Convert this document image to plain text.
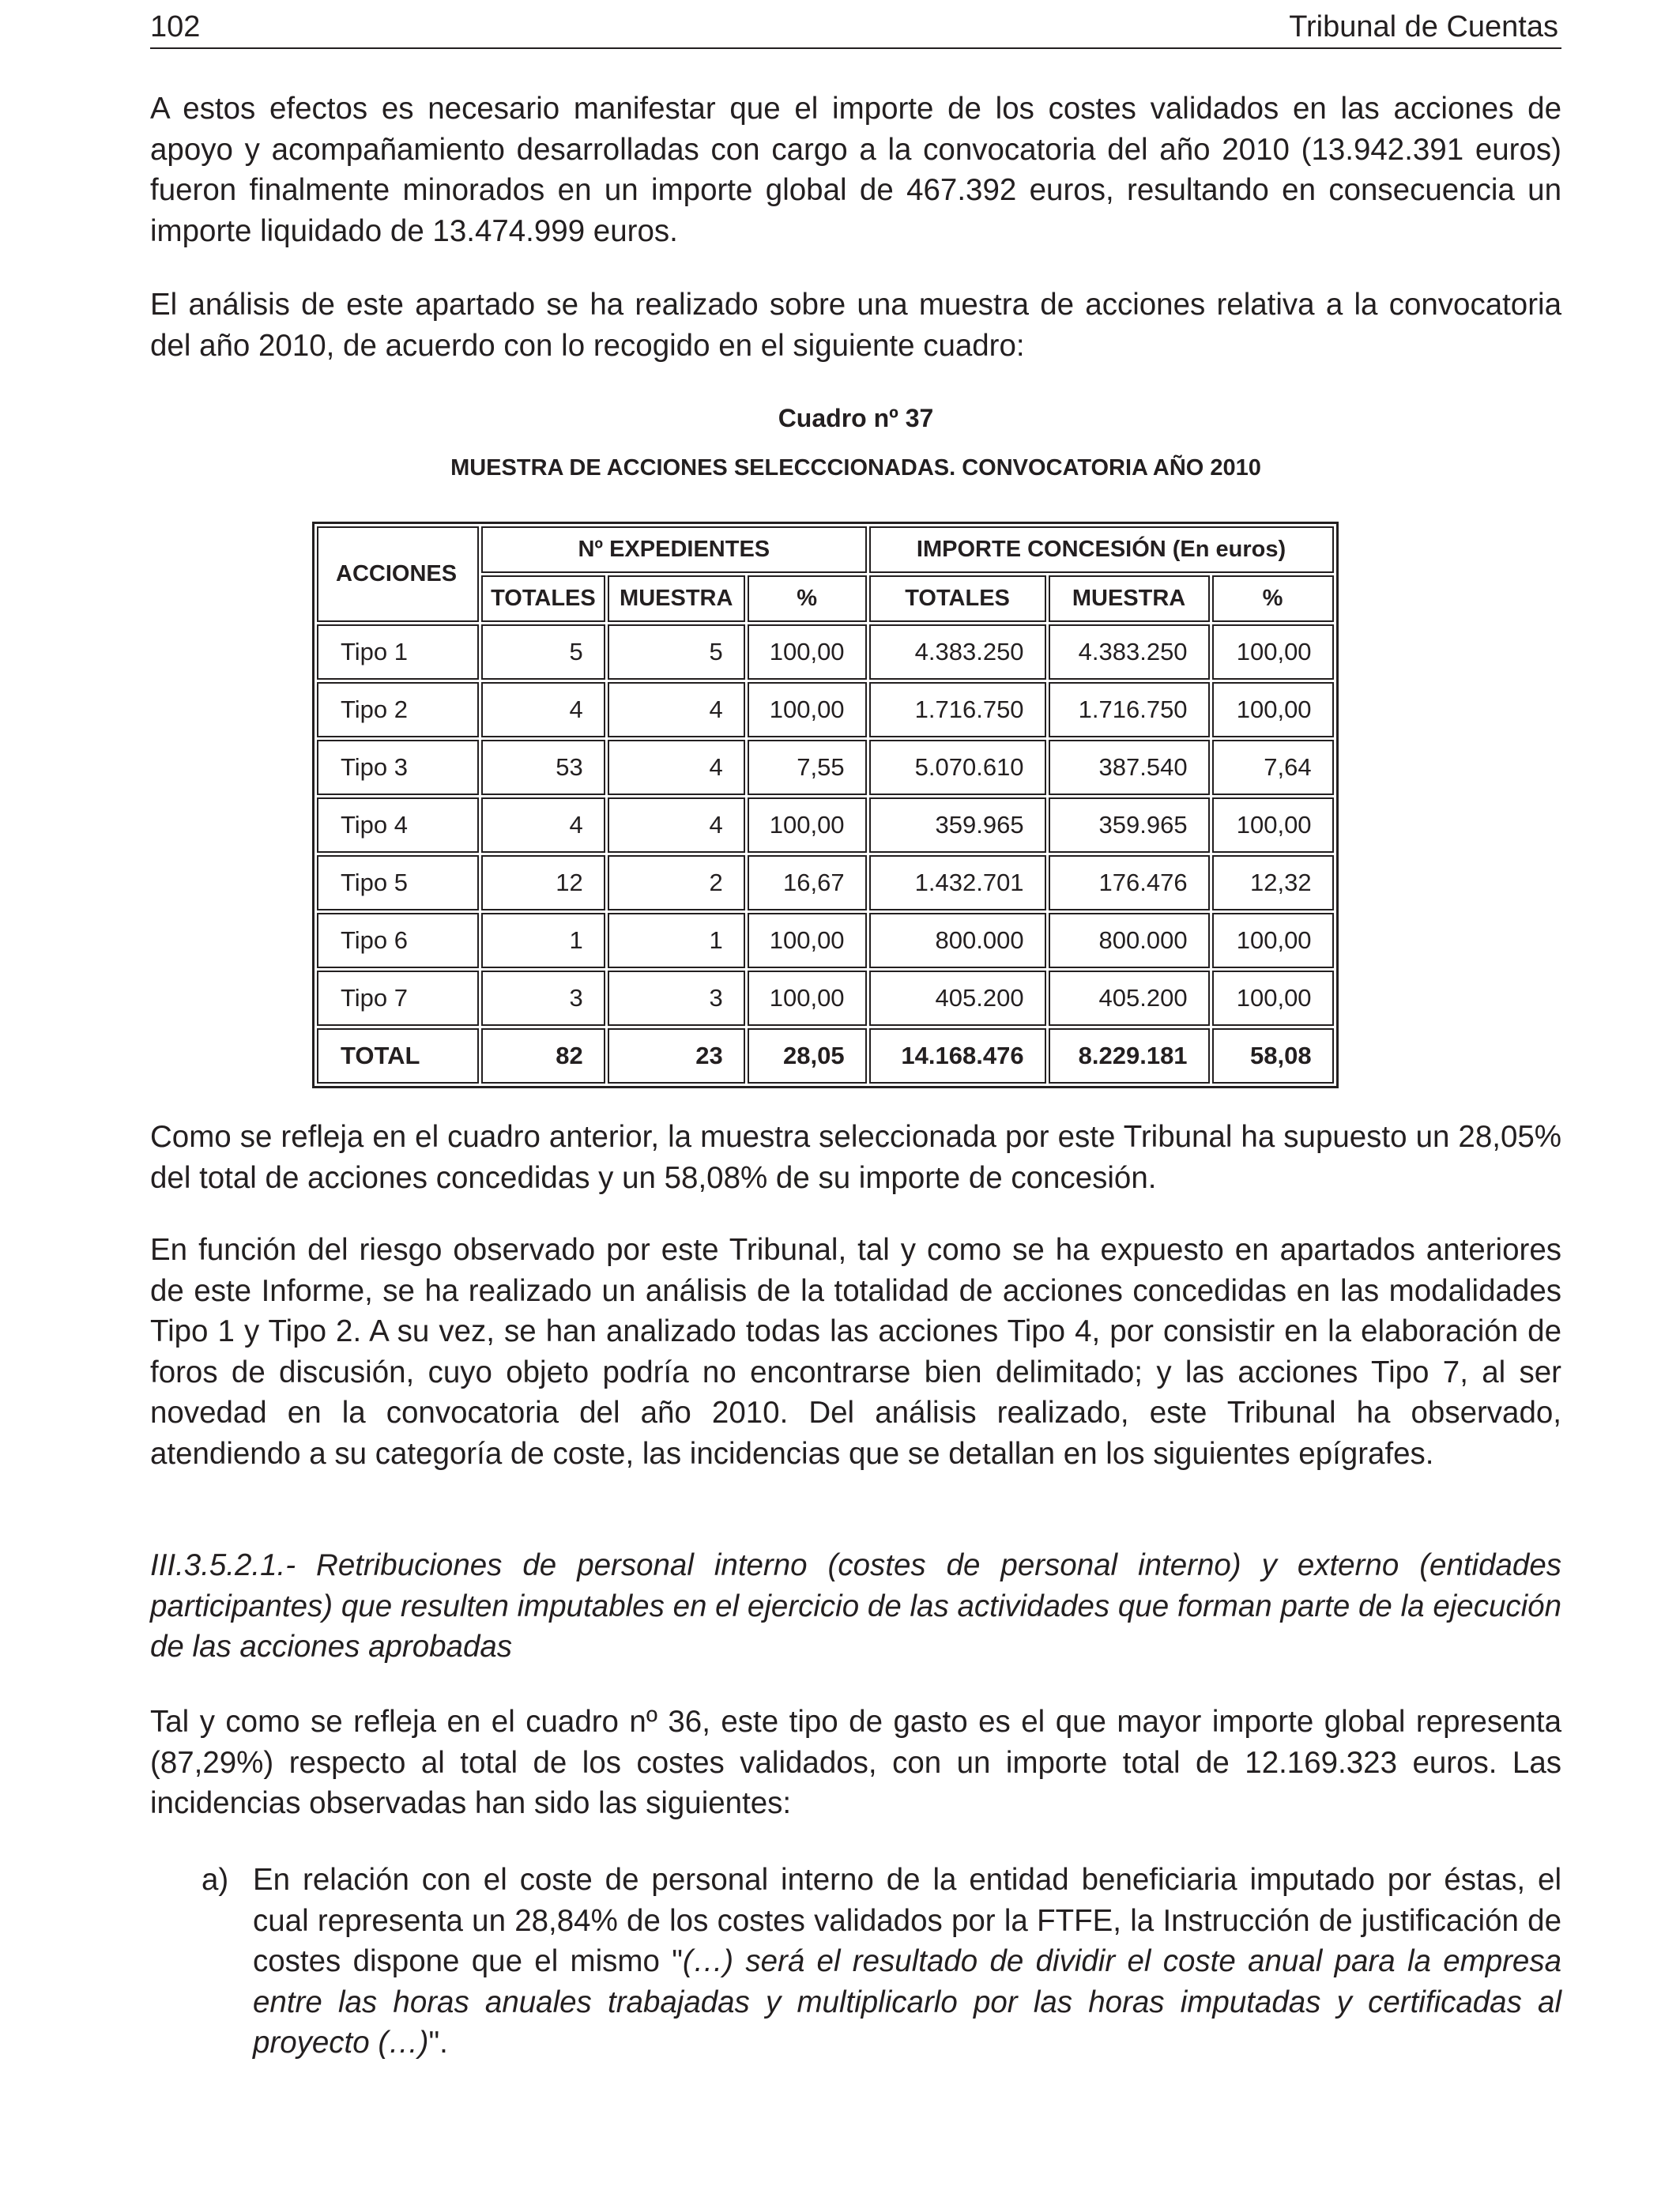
102	Tribunal de Cuentas

A estos efectos es necesario manifestar que el importe de los costes validados en las acciones de apoyo y acompañamiento desarrolladas con cargo a la convocatoria del año 2010 (13.942.391 euros) fueron finalmente minorados en un importe global de 467.392 euros, resultando en consecuencia un importe liquidado de 13.474.999 euros.

El análisis de este apartado se ha realizado sobre una muestra de acciones relativa a la convocatoria del año 2010, de acuerdo con lo recogido en el siguiente cuadro:

Cuadro nº 37
MUESTRA DE ACCIONES SELECCCIONADAS. CONVOCATORIA AÑO 2010
ACCIONES	Nº EXPEDIENTES			IMPORTE CONCESIÓN (En euros)		
	TOTALES	MUESTRA	%	TOTALES	MUESTRA	%
Tipo 1	5	5	100,00	4.383.250	4.383.250	100,00
Tipo 2	4	4	100,00	1.716.750	1.716.750	100,00
Tipo 3	53	4	7,55	5.070.610	387.540	7,64
Tipo 4	4	4	100,00	359.965	359.965	100,00
Tipo 5	12	2	16,67	1.432.701	176.476	12,32
Tipo 6	1	1	100,00	800.000	800.000	100,00
Tipo 7	3	3	100,00	405.200	405.200	100,00
TOTAL	82	23	28,05	14.168.476	8.229.181	58,08

Como se refleja en el cuadro anterior, la muestra seleccionada por este Tribunal ha supuesto un 28,05% del total de acciones concedidas y un 58,08% de su importe de concesión.

En función del riesgo observado por este Tribunal, tal y como se ha expuesto en apartados anteriores de este Informe, se ha realizado un análisis de la totalidad de acciones concedidas en las modalidades Tipo 1 y Tipo 2. A su vez, se han analizado todas las acciones Tipo 4, por consistir en la elaboración de foros de discusión, cuyo objeto podría no encontrarse bien delimitado; y las acciones Tipo 7, al ser novedad en la convocatoria del año 2010. Del análisis realizado, este Tribunal ha observado, atendiendo a su categoría de coste, las incidencias que se detallan en los siguientes epígrafes.

III.3.5.2.1.- Retribuciones de personal interno (costes de personal interno) y externo (entidades participantes) que resulten imputables en el ejercicio de las actividades que forman parte de la ejecución de las acciones aprobadas

Tal y como se refleja en el cuadro nº 36, este tipo de gasto es el que mayor importe global representa (87,29%) respecto al total de los costes validados, con un importe total de 12.169.323 euros. Las incidencias observadas han sido las siguientes:

a) En relación con el coste de personal interno de la entidad beneficiaria imputado por éstas, el cual representa un 28,84% de los costes validados por la FTFE, la Instrucción de justificación de costes dispone que el mismo "(…) será el resultado de dividir el coste anual para la empresa entre las horas anuales trabajadas y multiplicarlo por las horas imputadas y certificadas al proyecto (…)".
